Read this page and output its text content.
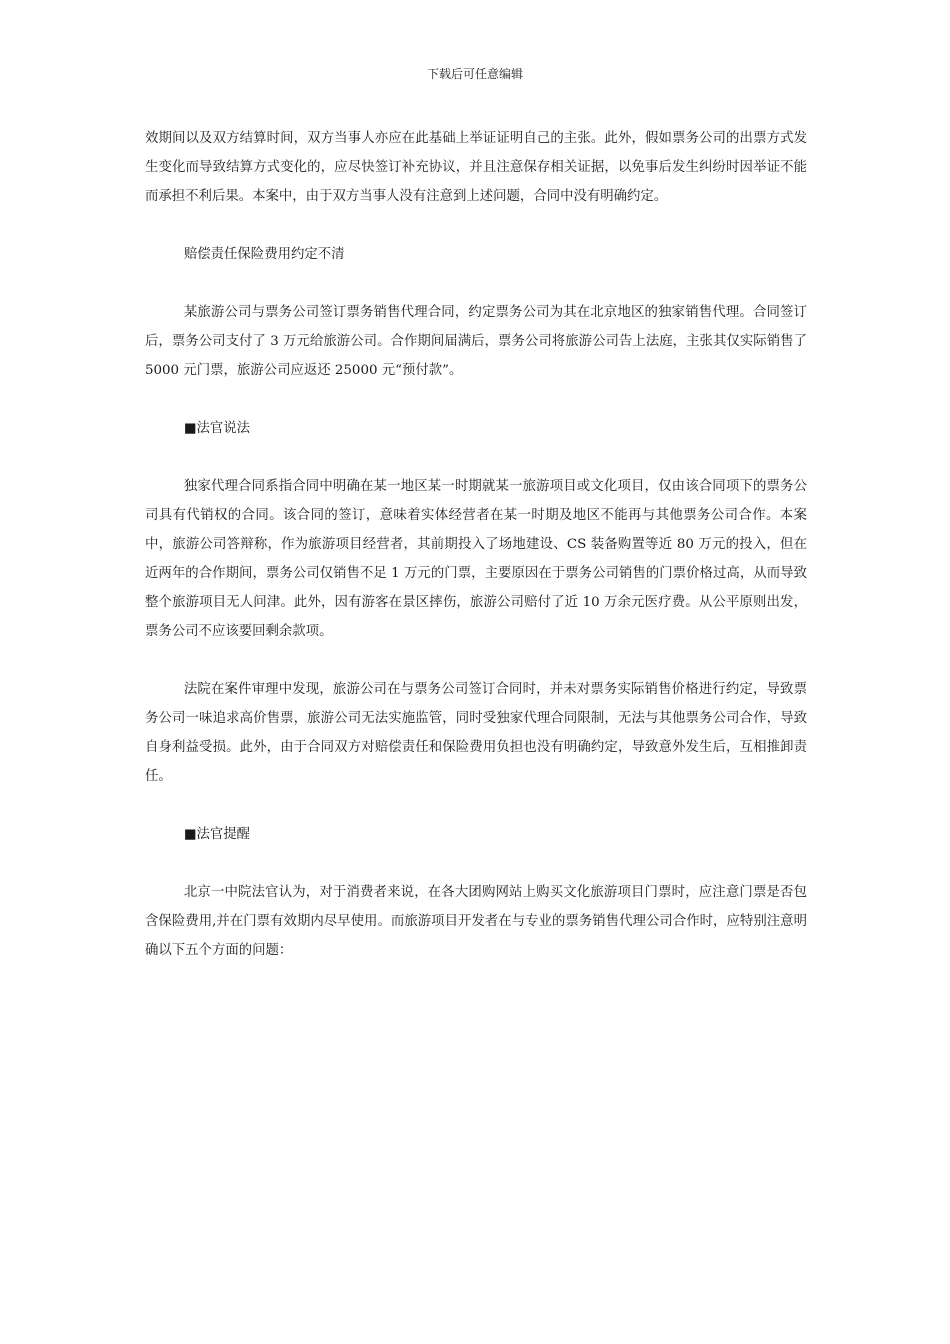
下载后可任意编辑

效期间以及双方结算时间，双方当事人亦应在此基础上举证证明自己的主张。此外，假如票务公司的出票方式发生变化而导致结算方式变化的，应尽快签订补充协议，并且注意保存相关证据，以免事后发生纠纷时因举证不能而承担不利后果。本案中，由于双方当事人没有注意到上述问题，合同中没有明确约定。

赔偿责任保险费用约定不清

某旅游公司与票务公司签订票务销售代理合同，约定票务公司为其在北京地区的独家销售代理。合同签订后，票务公司支付了 3 万元给旅游公司。合作期间届满后，票务公司将旅游公司告上法庭，主张其仅实际销售了 5000 元门票，旅游公司应返还 25000 元“预付款”。

■法官说法

独家代理合同系指合同中明确在某一地区某一时期就某一旅游项目或文化项目，仅由该合同项下的票务公司具有代销权的合同。该合同的签订，意味着实体经营者在某一时期及地区不能再与其他票务公司合作。本案中，旅游公司答辩称，作为旅游项目经营者，其前期投入了场地建设、CS 装备购置等近 80 万元的投入，但在近两年的合作期间，票务公司仅销售不足 1 万元的门票，主要原因在于票务公司销售的门票价格过高，从而导致整个旅游项目无人问津。此外，因有游客在景区摔伤，旅游公司赔付了近 10 万余元医疗费。从公平原则出发，票务公司不应该要回剩余款项。

法院在案件审理中发现，旅游公司在与票务公司签订合同时，并未对票务实际销售价格进行约定，导致票务公司一味追求高价售票，旅游公司无法实施监管，同时受独家代理合同限制，无法与其他票务公司合作，导致自身利益受损。此外，由于合同双方对赔偿责任和保险费用负担也没有明确约定，导致意外发生后，互相推卸责任。

■法官提醒

北京一中院法官认为，对于消费者来说，在各大团购网站上购买文化旅游项目门票时，应注意门票是否包含保险费用,并在门票有效期内尽早使用。而旅游项目开发者在与专业的票务销售代理公司合作时，应特别注意明确以下五个方面的问题：
